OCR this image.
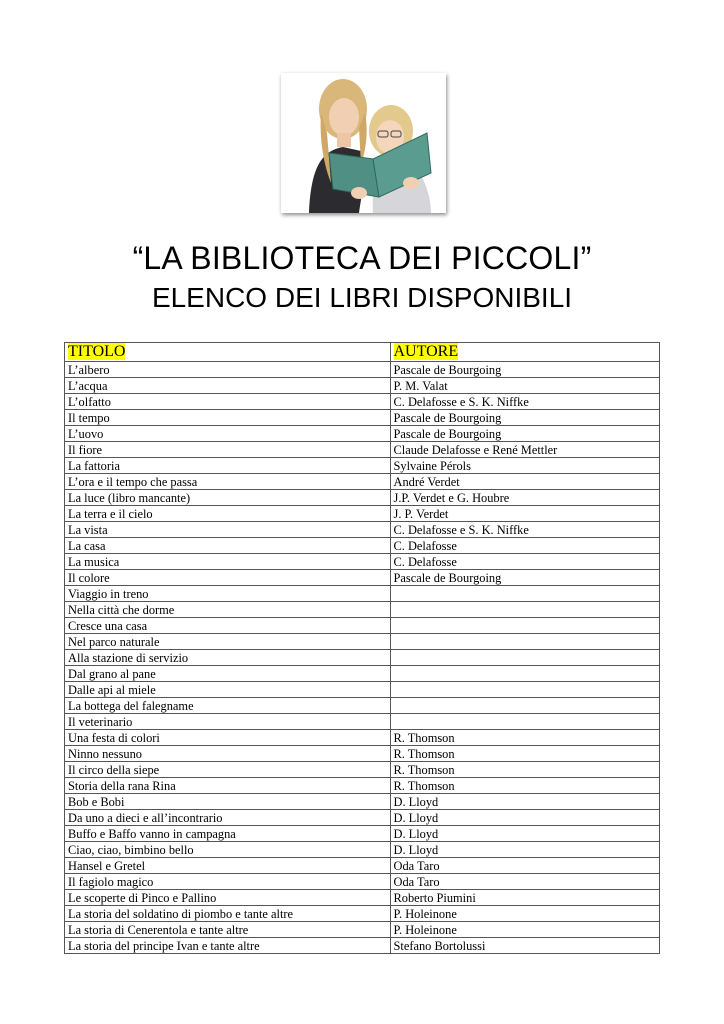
“LA BIBLIOTECA DEI PICCOLI”
ELENCO DEI LIBRI DISPONIBILI
TITOLO	AUTORE
L’albero	Pascale de Bourgoing
L’acqua	P. M. Valat
L’olfatto	C. Delafosse e S. K. Niffke
Il tempo	Pascale de Bourgoing
L’uovo	Pascale de Bourgoing
Il fiore	Claude Delafosse e René Mettler
La fattoria	Sylvaine Pérols
L’ora e il tempo che passa	André Verdet
La luce (libro mancante)	J.P. Verdet e G. Houbre
La terra e il cielo	J. P. Verdet
La vista	C. Delafosse e S. K. Niffke
La casa	C. Delafosse
La musica	C. Delafosse
Il colore	Pascale de Bourgoing
Viaggio in treno	
Nella città che dorme	
Cresce una casa	
Nel parco naturale	
Alla stazione di servizio	
Dal grano al pane	
Dalle api al miele	
La bottega del falegname	
Il veterinario	
Una festa di colori	R. Thomson
Ninno nessuno	R. Thomson
Il circo della siepe	R. Thomson
Storia della rana Rina	R. Thomson
Bob e Bobi	D. Lloyd
Da uno a dieci e all’incontrario	D. Lloyd
Buffo e Baffo vanno in campagna	D. Lloyd
Ciao, ciao, bimbino bello	D. Lloyd
Hansel e Gretel	Oda Taro
Il fagiolo magico	Oda Taro
Le scoperte di Pinco e Pallino	Roberto Piumini
La storia del soldatino di piombo e tante altre	P. Holeinone
La storia di Cenerentola e tante altre	P. Holeinone
La storia del principe Ivan e tante altre	Stefano Bortolussi
